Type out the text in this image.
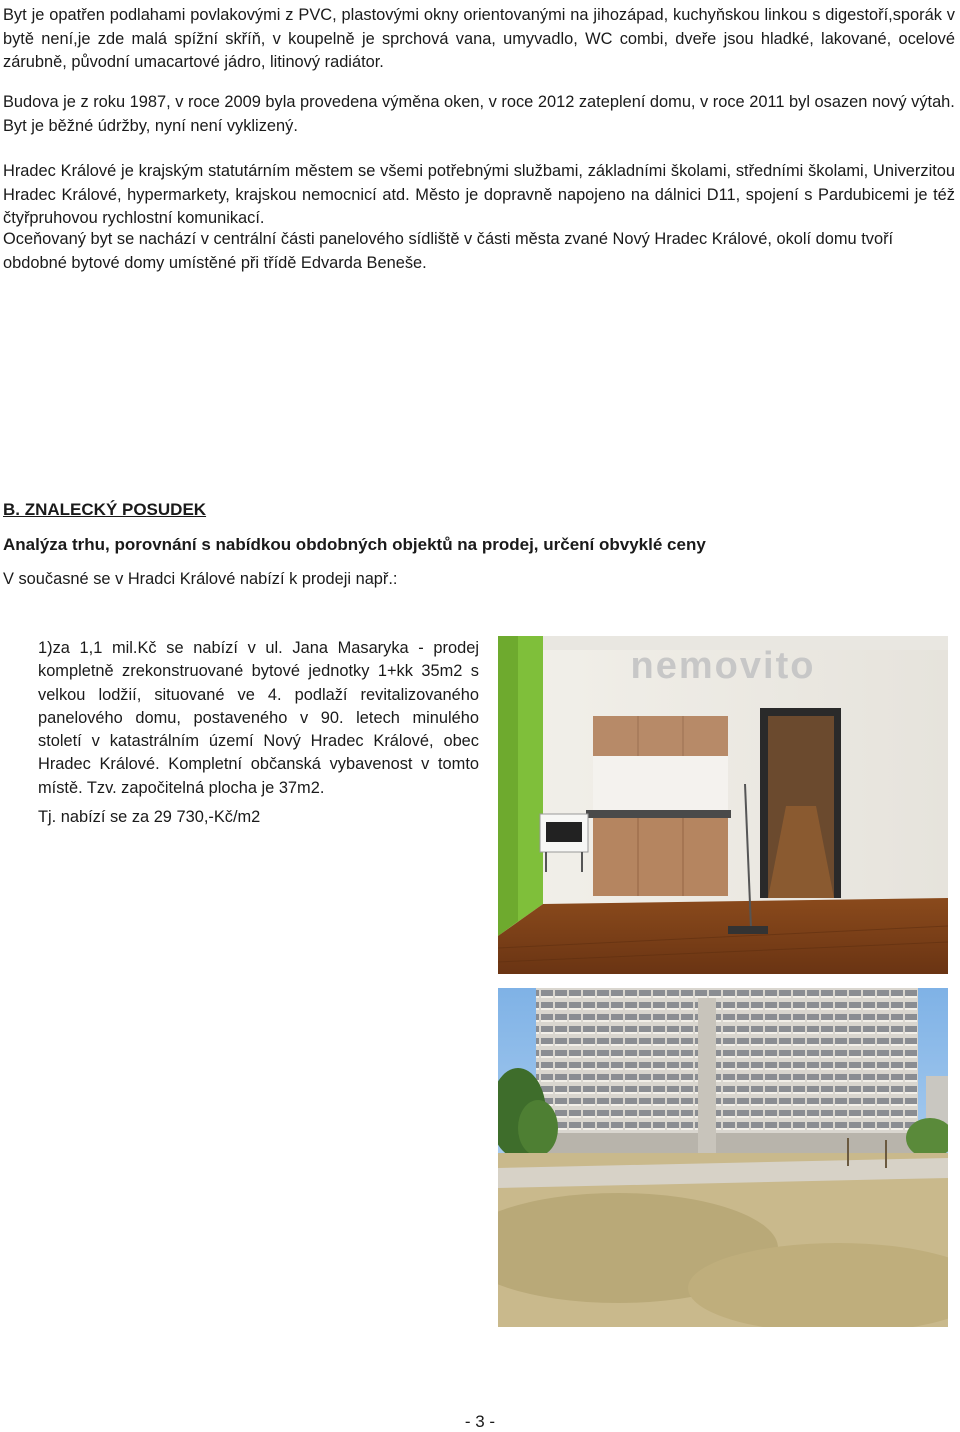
Byt je opatřen podlahami povlakovými z PVC, plastovými okny orientovanými na jihozápad, kuchyňskou linkou s digestoří,sporák v bytě není,je zde malá spížní skříň, v koupelně je sprchová vana, umyvadlo, WC combi, dveře jsou hladké, lakované, ocelové zárubně, původní umacartové jádro, litinový radiátor.

Budova je z roku 1987, v roce 2009 byla provedena výměna oken, v roce 2012 zateplení domu, v roce 2011 byl osazen nový výtah. Byt je běžné údržby, nyní není vyklizený.

Hradec Králové je krajským statutárním městem se všemi potřebnými službami, základními školami, středními školami, Univerzitou Hradec Králové, hypermarkety, krajskou nemocnicí atd. Město je dopravně napojeno na dálnici D11, spojení s Pardubicemi je též čtyřpruhovou rychlostní komunikací.

Oceňovaný byt se nachází v centrální části panelového sídliště v části města zvané Nový Hradec Králové, okolí domu tvoří obdobné bytové domy umístěné při třídě Edvarda Beneše.

B. ZNALECKÝ POSUDEK
Analýza trhu, porovnání s nabídkou obdobných objektů na prodej, určení obvyklé ceny

V současné se v Hradci Králové nabízí k prodeji např.:

1)za 1,1 mil.Kč se nabízí v ul. Jana Masaryka - prodej kompletně zrekonstruované bytové jednotky 1+kk 35m2 s velkou lodžií, situované ve 4. podlaží revitalizovaného panelového domu, postaveného v 90. letech minulého století v katastrálním území Nový Hradec Králové, obec Hradec Králové. Kompletní občanská vybavenost v tomto místě. Tzv. započitelná plocha je 37m2.

Tj. nabízí se za 29 730,-Kč/m2

nemovito

- 3 -
